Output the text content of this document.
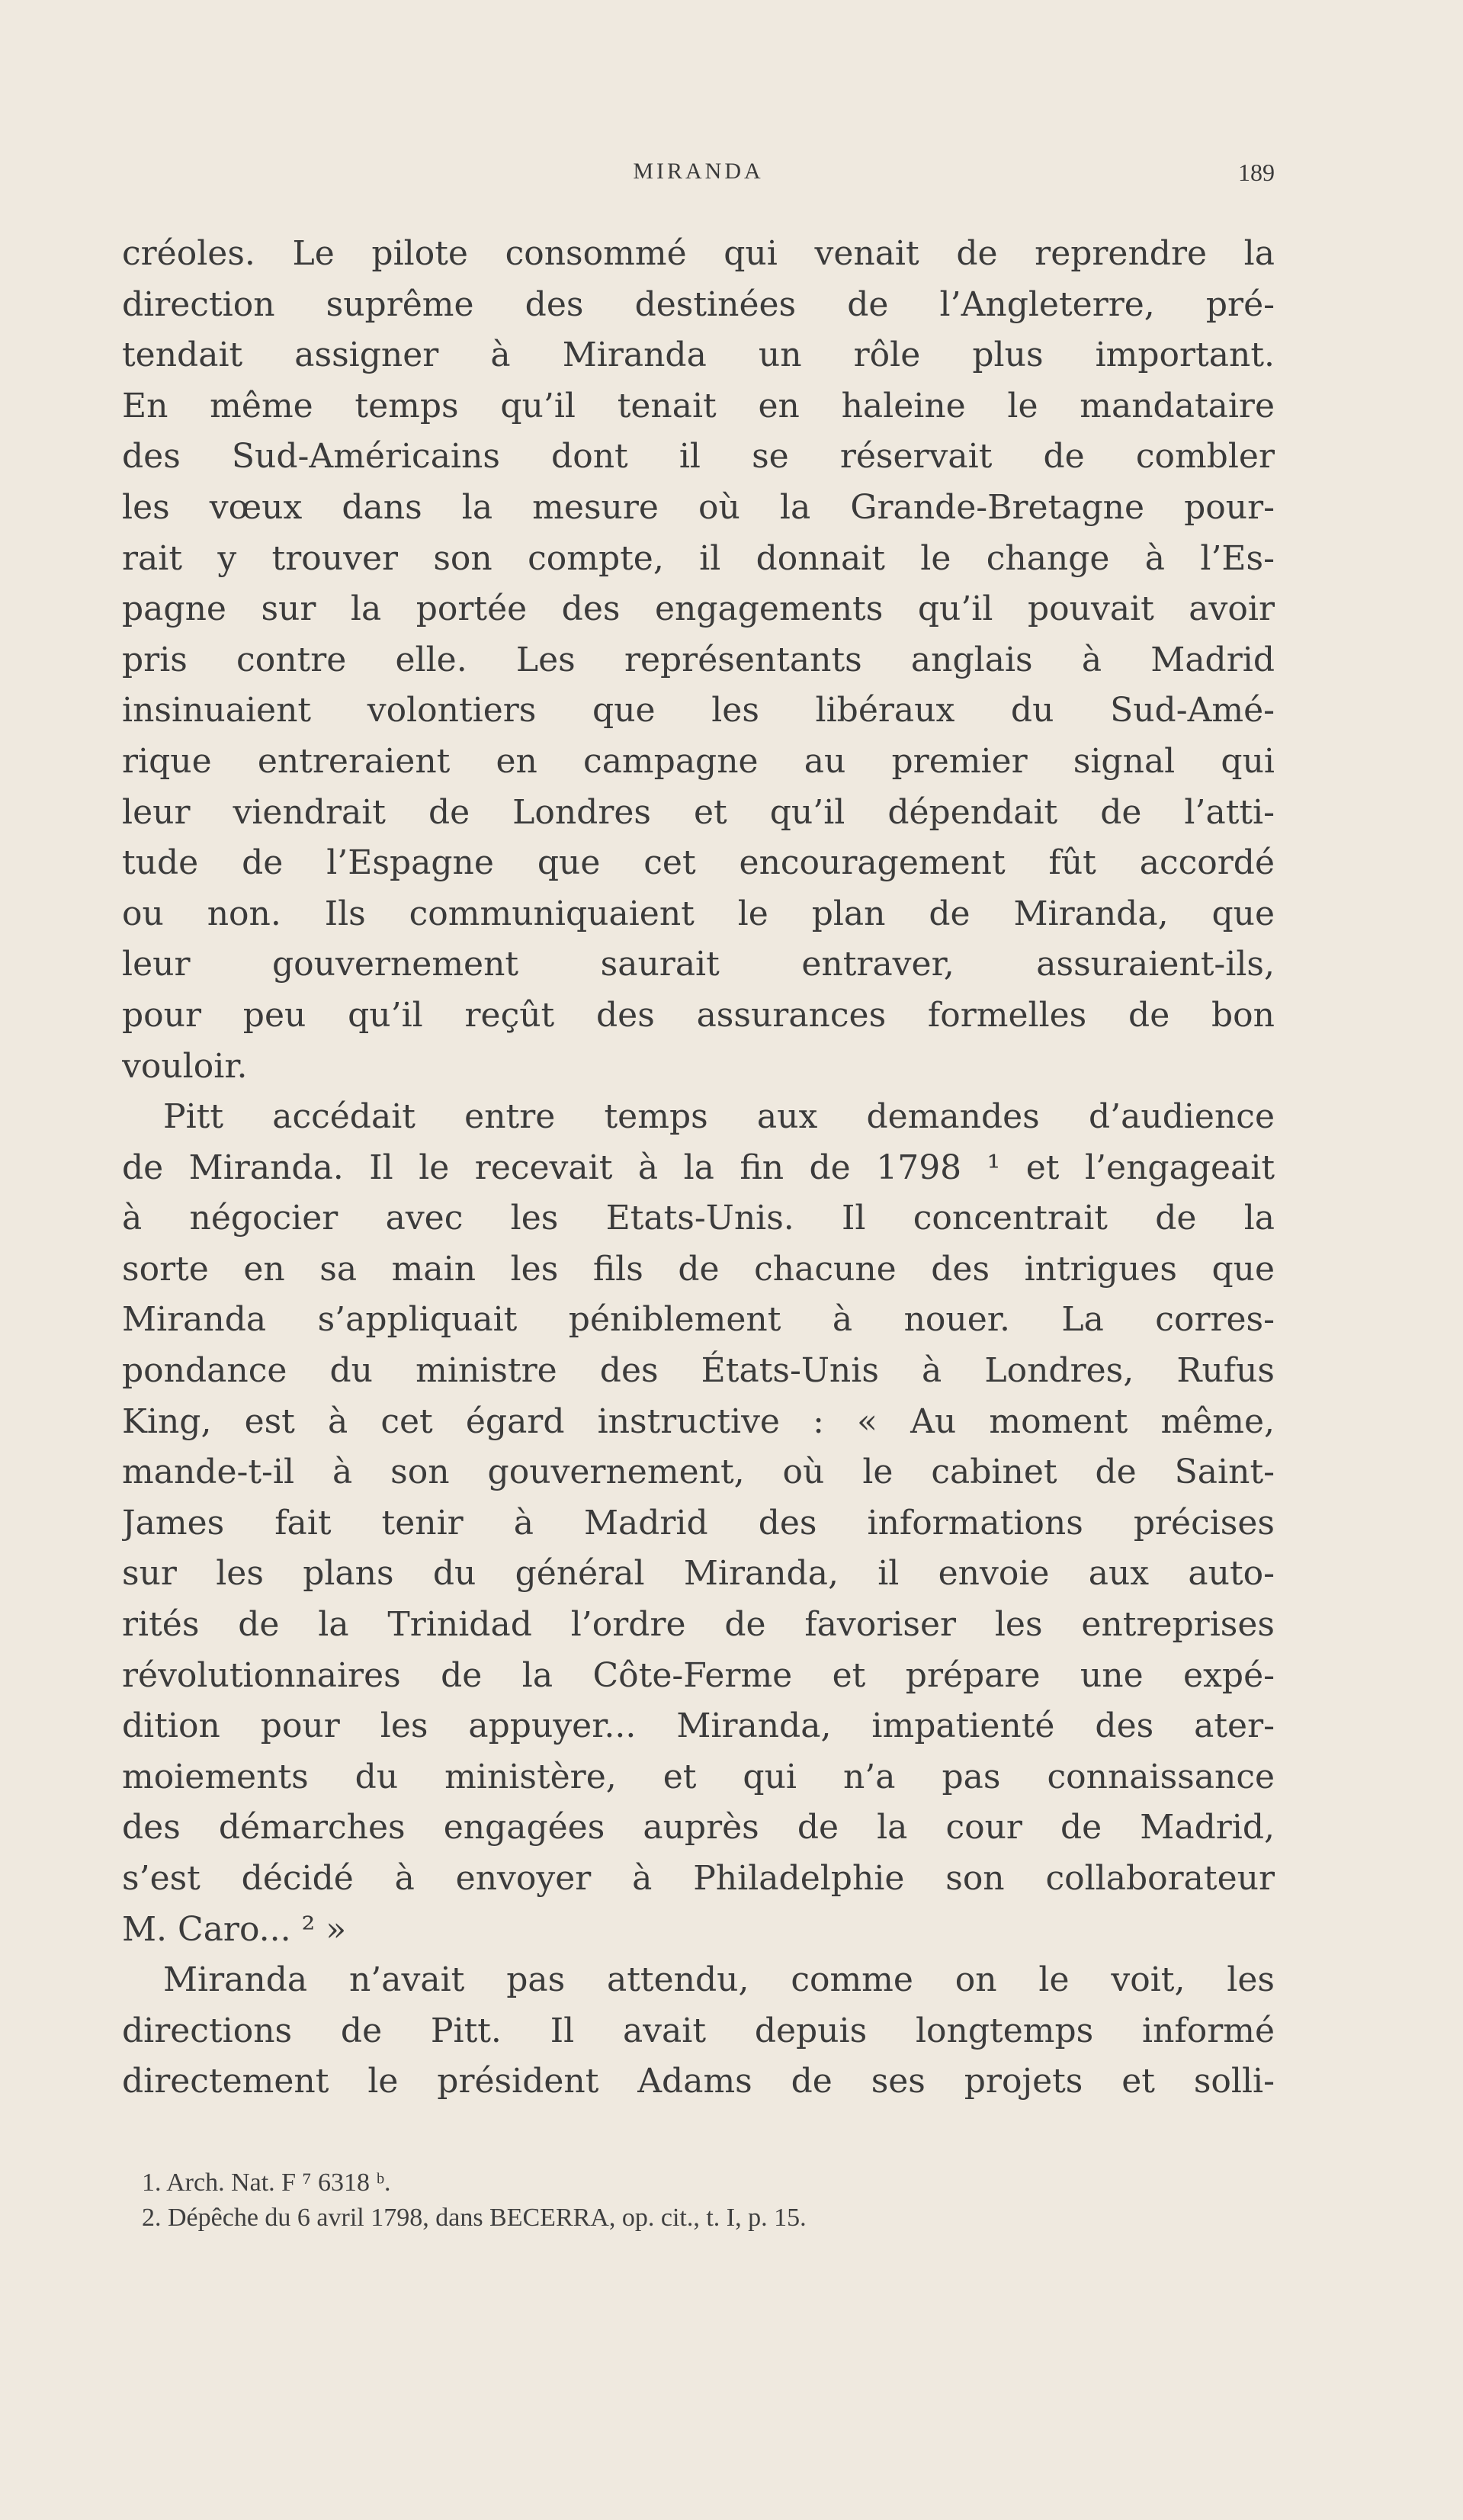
MIRANDA	189
créoles. Le pilote consommé qui venait de reprendre la
direction suprême des destinées de l’Angleterre, pré-
tendait assigner à Miranda un rôle plus important.
En même temps qu’il tenait en haleine le mandataire
des Sud-Américains dont il se réservait de combler
les vœux dans la mesure où la Grande-Bretagne pour-
rait y trouver son compte, il donnait le change à l’Es-
pagne sur la portée des engagements qu’il pouvait avoir
pris contre elle. Les représentants anglais à Madrid
insinuaient volontiers que les libéraux du Sud-Amé-
rique entreraient en campagne au premier signal qui
leur viendrait de Londres et qu’il dépendait de l’atti-
tude de l’Espagne que cet encouragement fût accordé
ou non. Ils communiquaient le plan de Miranda, que
leur gouvernement saurait entraver, assuraient-ils,
pour peu qu’il reçût des assurances formelles de bon
vouloir.
Pitt accédait entre temps aux demandes d’audience
de Miranda. Il le recevait à la fin de 1798 ¹ et l’engageait
à négocier avec les Etats-Unis. Il concentrait de la
sorte en sa main les fils de chacune des intrigues que
Miranda s’appliquait péniblement à nouer. La corres-
pondance du ministre des États-Unis à Londres, Rufus
King, est à cet égard instructive : « Au moment même,
mande-t-il à son gouvernement, où le cabinet de Saint-
James fait tenir à Madrid des informations précises
sur les plans du général Miranda, il envoie aux auto-
rités de la Trinidad l’ordre de favoriser les entreprises
révolutionnaires de la Côte-Ferme et prépare une expé-
dition pour les appuyer... Miranda, impatienté des ater-
moiements du ministère, et qui n’a pas connaissance
des démarches engagées auprès de la cour de Madrid,
s’est décidé à envoyer à Philadelphie son collaborateur
M. Caro... ² »
Miranda n’avait pas attendu, comme on le voit, les
directions de Pitt. Il avait depuis longtemps informé
directement le président Adams de ses projets et solli-
1. Arch. Nat. F ⁷ 6318 ᵇ.
2. Dépêche du 6 avril 1798, dans BECERRA, op. cit., t. I, p. 15.
